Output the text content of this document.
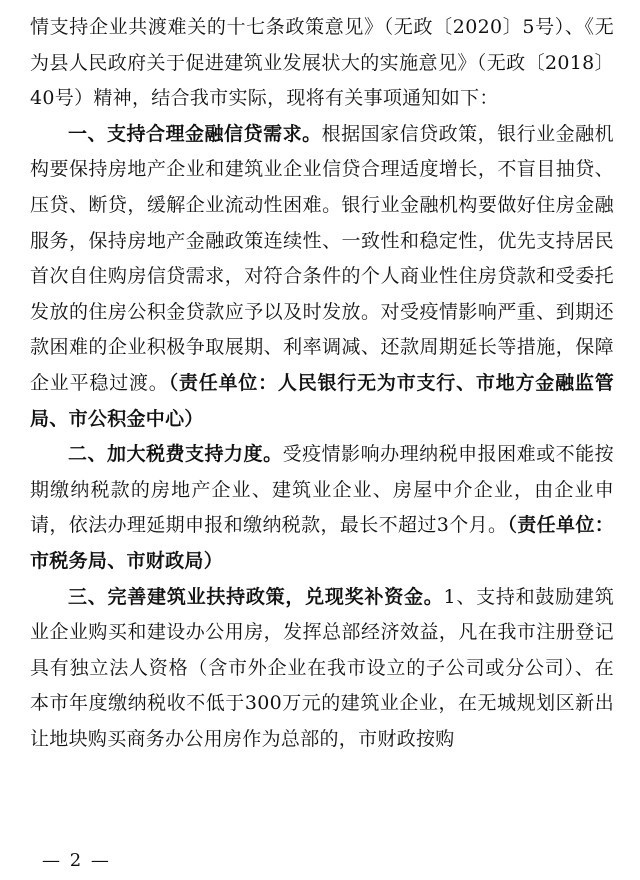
情支持企业共渡难关的十七条政策意见》（无政〔2020〕5号）、《无为县人民政府关于促进建筑业发展状大的实施意见》（无政〔2018〕40号）精神，结合我市实际，现将有关事项通知如下：

一、支持合理金融信贷需求。根据国家信贷政策，银行业金融机构要保持房地产企业和建筑业企业信贷合理适度增长，不盲目抽贷、压贷、断贷，缓解企业流动性困难。银行业金融机构要做好住房金融服务，保持房地产金融政策连续性、一致性和稳定性，优先支持居民首次自住购房信贷需求，对符合条件的个人商业性住房贷款和受委托发放的住房公积金贷款应予以及时发放。对受疫情影响严重、到期还款困难的企业积极争取展期、利率调减、还款周期延长等措施，保障企业平稳过渡。（责任单位：人民银行无为市支行、市地方金融监管局、市公积金中心）

二、加大税费支持力度。受疫情影响办理纳税申报困难或不能按期缴纳税款的房地产企业、建筑业企业、房屋中介企业，由企业申请，依法办理延期申报和缴纳税款，最长不超过3个月。（责任单位：市税务局、市财政局）

三、完善建筑业扶持政策，兑现奖补资金。1、支持和鼓励建筑业企业购买和建设办公用房，发挥总部经济效益，凡在我市注册登记具有独立法人资格（含市外企业在我市设立的子公司或分公司）、在本市年度缴纳税收不低于300万元的建筑业企业，在无城规划区新出让地块购买商务办公用房作为总部的，市财政按购

— 2 —
